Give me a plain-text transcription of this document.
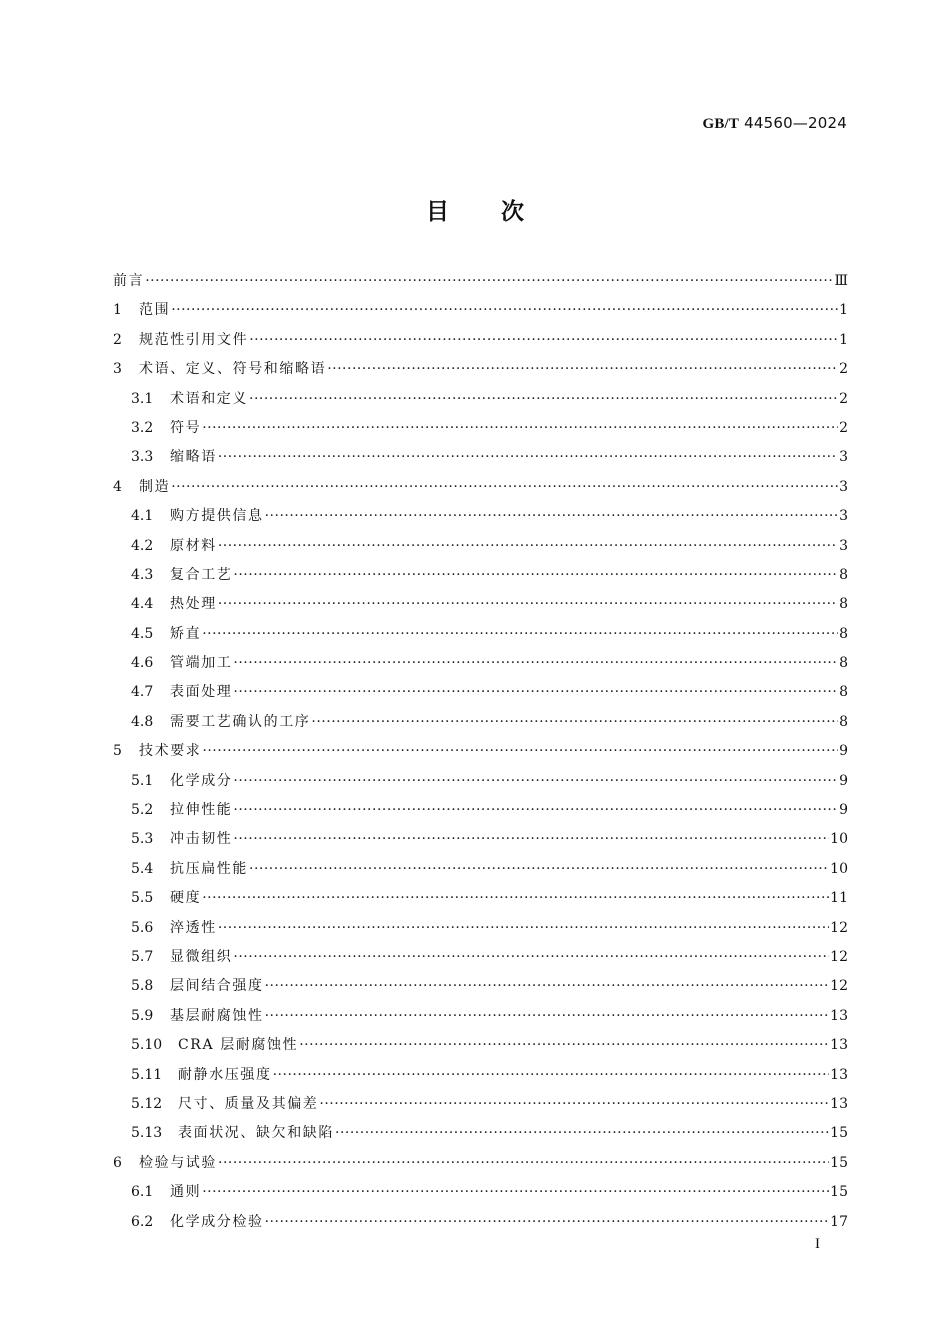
GB/T 44560—2024
目次
前言 ·····	Ⅲ
1	范围 ·····	1
2	规范性引用文件 ·····	1
3	术语、定义、符号和缩略语 ·····	2
3.1	术语和定义 ·····	2
3.2	符号 ·····	2
3.3	缩略语 ·····	3
4	制造 ·····	3
4.1	购方提供信息 ·····	3
4.2	原材料 ·····	3
4.3	复合工艺 ·····	8
4.4	热处理 ·····	8
4.5	矫直 ·····	8
4.6	管端加工 ·····	8
4.7	表面处理 ·····	8
4.8	需要工艺确认的工序 ·····	8
5	技术要求 ·····	9
5.1	化学成分 ·····	9
5.2	拉伸性能 ·····	9
5.3	冲击韧性 ·····	10
5.4	抗压扁性能 ·····	10
5.5	硬度 ·····	11
5.6	淬透性 ·····	12
5.7	显微组织 ·····	12
5.8	层间结合强度 ·····	12
5.9	基层耐腐蚀性 ·····	13
5.10	CRA 层耐腐蚀性 ·····	13
5.11	耐静水压强度 ·····	13
5.12	尺寸、质量及其偏差 ·····	13
5.13	表面状况、缺欠和缺陷 ·····	15
6	检验与试验 ·····	15
6.1	通则 ·····	15
6.2	化学成分检验 ·····	17
I
